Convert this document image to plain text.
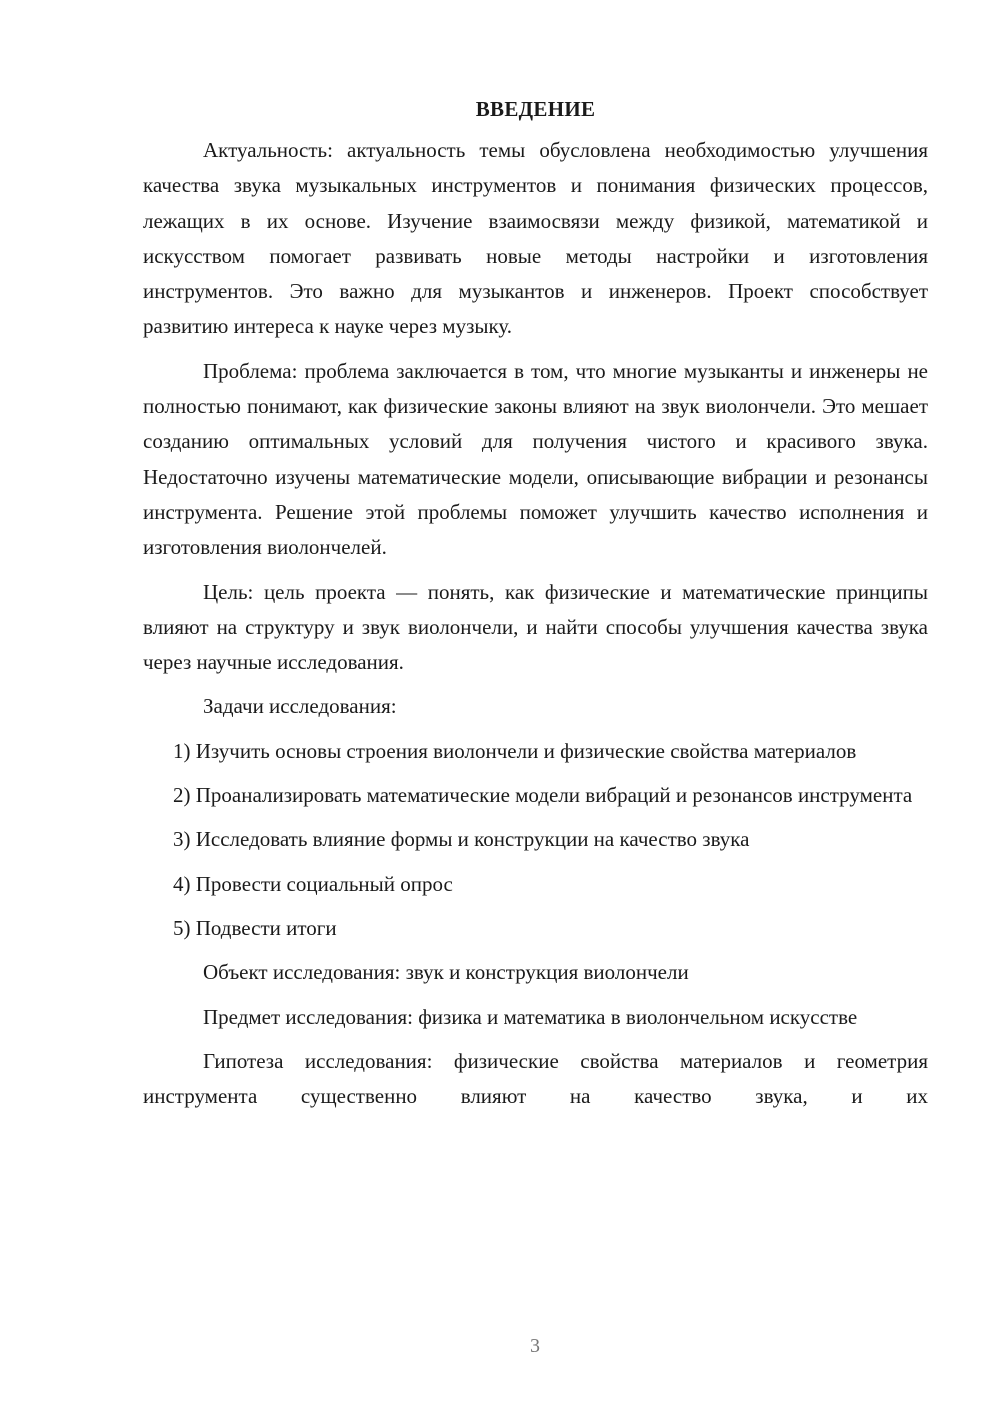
ВВЕДЕНИЕ

Актуальность: актуальность темы обусловлена необходимостью улучшения качества звука музыкальных инструментов и понимания физических процессов, лежащих в их основе. Изучение взаимосвязи между физикой, математикой и искусством помогает развивать новые методы настройки и изготовления инструментов. Это важно для музыкантов и инженеров. Проект способствует развитию интереса к науке через музыку.

Проблема: проблема заключается в том, что многие музыканты и инженеры не полностью понимают, как физические законы влияют на звук виолончели. Это мешает созданию оптимальных условий для получения чистого и красивого звука. Недостаточно изучены математические модели, описывающие вибрации и резонансы инструмента. Решение этой проблемы поможет улучшить качество исполнения и изготовления виолончелей.

Цель: цель проекта — понять, как физические и математические принципы влияют на структуру и звук виолончели, и найти способы улучшения качества звука через научные исследования.

Задачи исследования:

1) Изучить основы строения виолончели и физические свойства материалов

2) Проанализировать математические модели вибраций и резонансов инструмента

3) Исследовать влияние формы и конструкции на качество звука

4) Провести социальный опрос

5) Подвести итоги

Объект исследования: звук и конструкция виолончели

Предмет исследования: физика и математика в виолончельном искусстве

Гипотеза исследования: физические свойства материалов и геометрия инструмента существенно влияют на качество звука, и их

3
